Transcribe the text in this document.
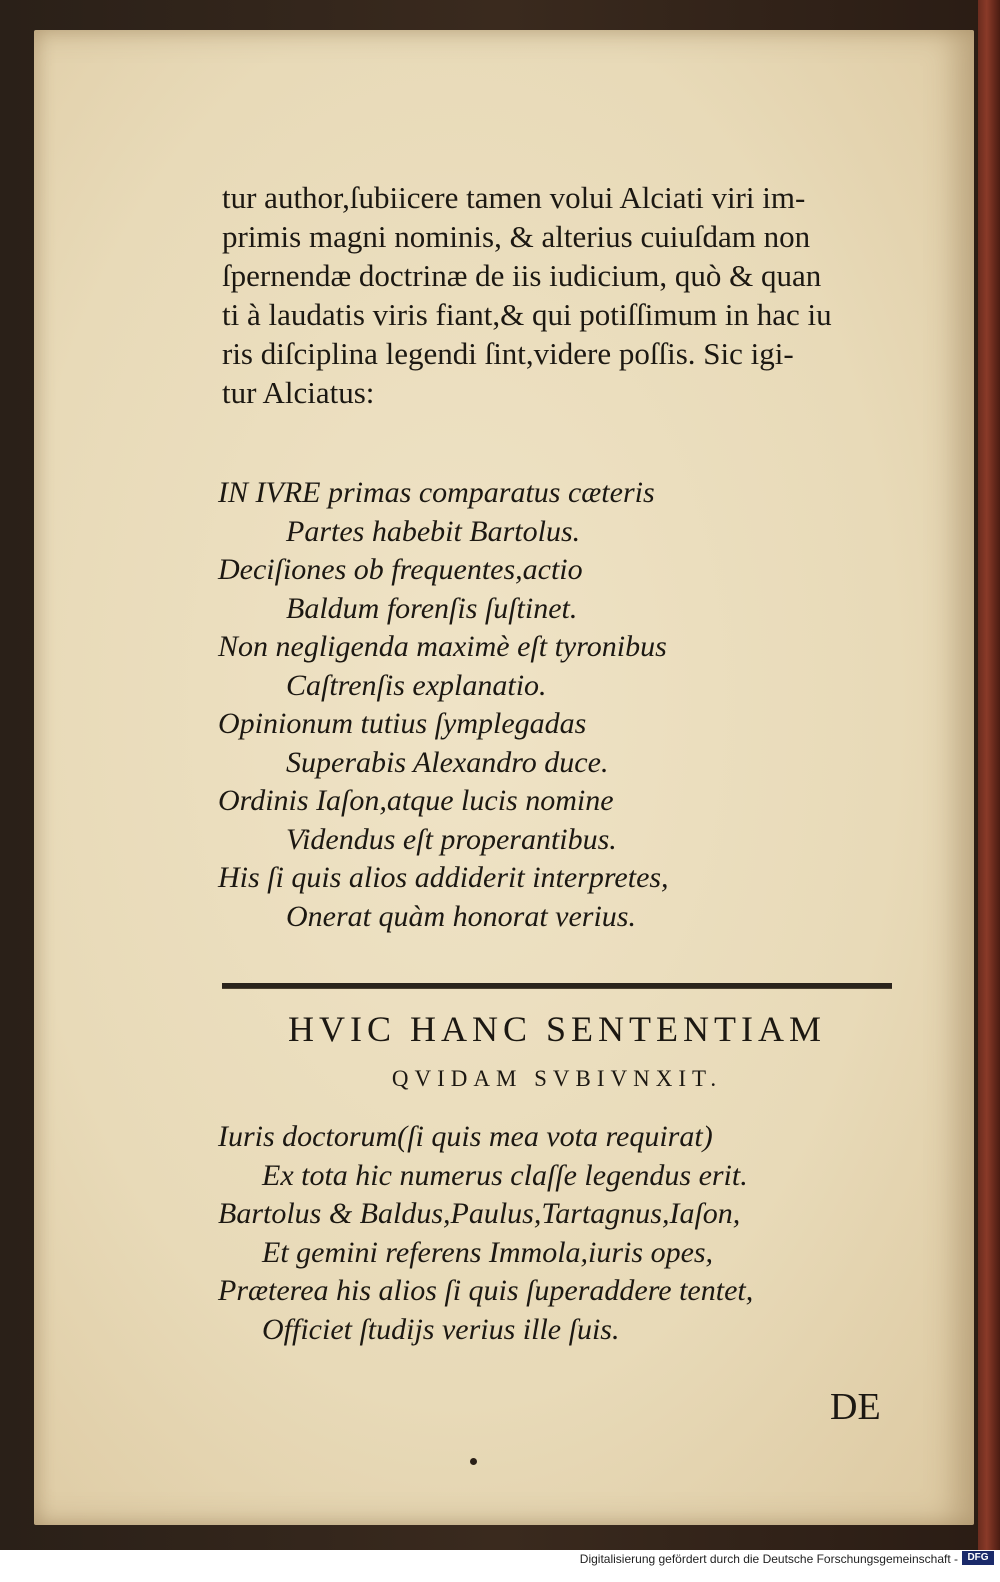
tur author,ſubiicere tamen volui Alciati viri im-
primis magni nominis, & alterius cuiuſdam non
ſpernendæ doctrinæ de iis iudicium, quò & quan
ti à laudatis viris fiant,& qui potiſſimum in hac iu
ris diſciplina legendi ſint,videre poſſis. Sic igi-
tur Alciatus:
IN IVRE primas comparatus cæteris
Partes habebit Bartolus.
Deciſiones ob frequentes,actio
Baldum forenſis ſuſtinet.
Non negligenda maximè eſt tyronibus
Caſtrenſis explanatio.
Opinionum tutius ſymplegadas
Superabis Alexandro duce.
Ordinis Iaſon,atque lucis nomine
Videndus eſt properantibus.
His ſi quis alios addiderit interpretes,
Onerat quàm honorat verius.
HVIC HANC SENTENTIAM
QVIDAM SVBIVNXIT.
Iuris doctorum(ſi quis mea vota requirat)
Ex tota hic numerus claſſe legendus erit.
Bartolus & Baldus,Paulus,Tartagnus,Iaſon,
Et gemini referens Immola,iuris opes,
Præterea his alios ſi quis ſuperaddere tentet,
Officiet ſtudijs verius ille ſuis.
DE
Digitalisierung gefördert durch die Deutsche Forschungsgemeinschaft - DFG
